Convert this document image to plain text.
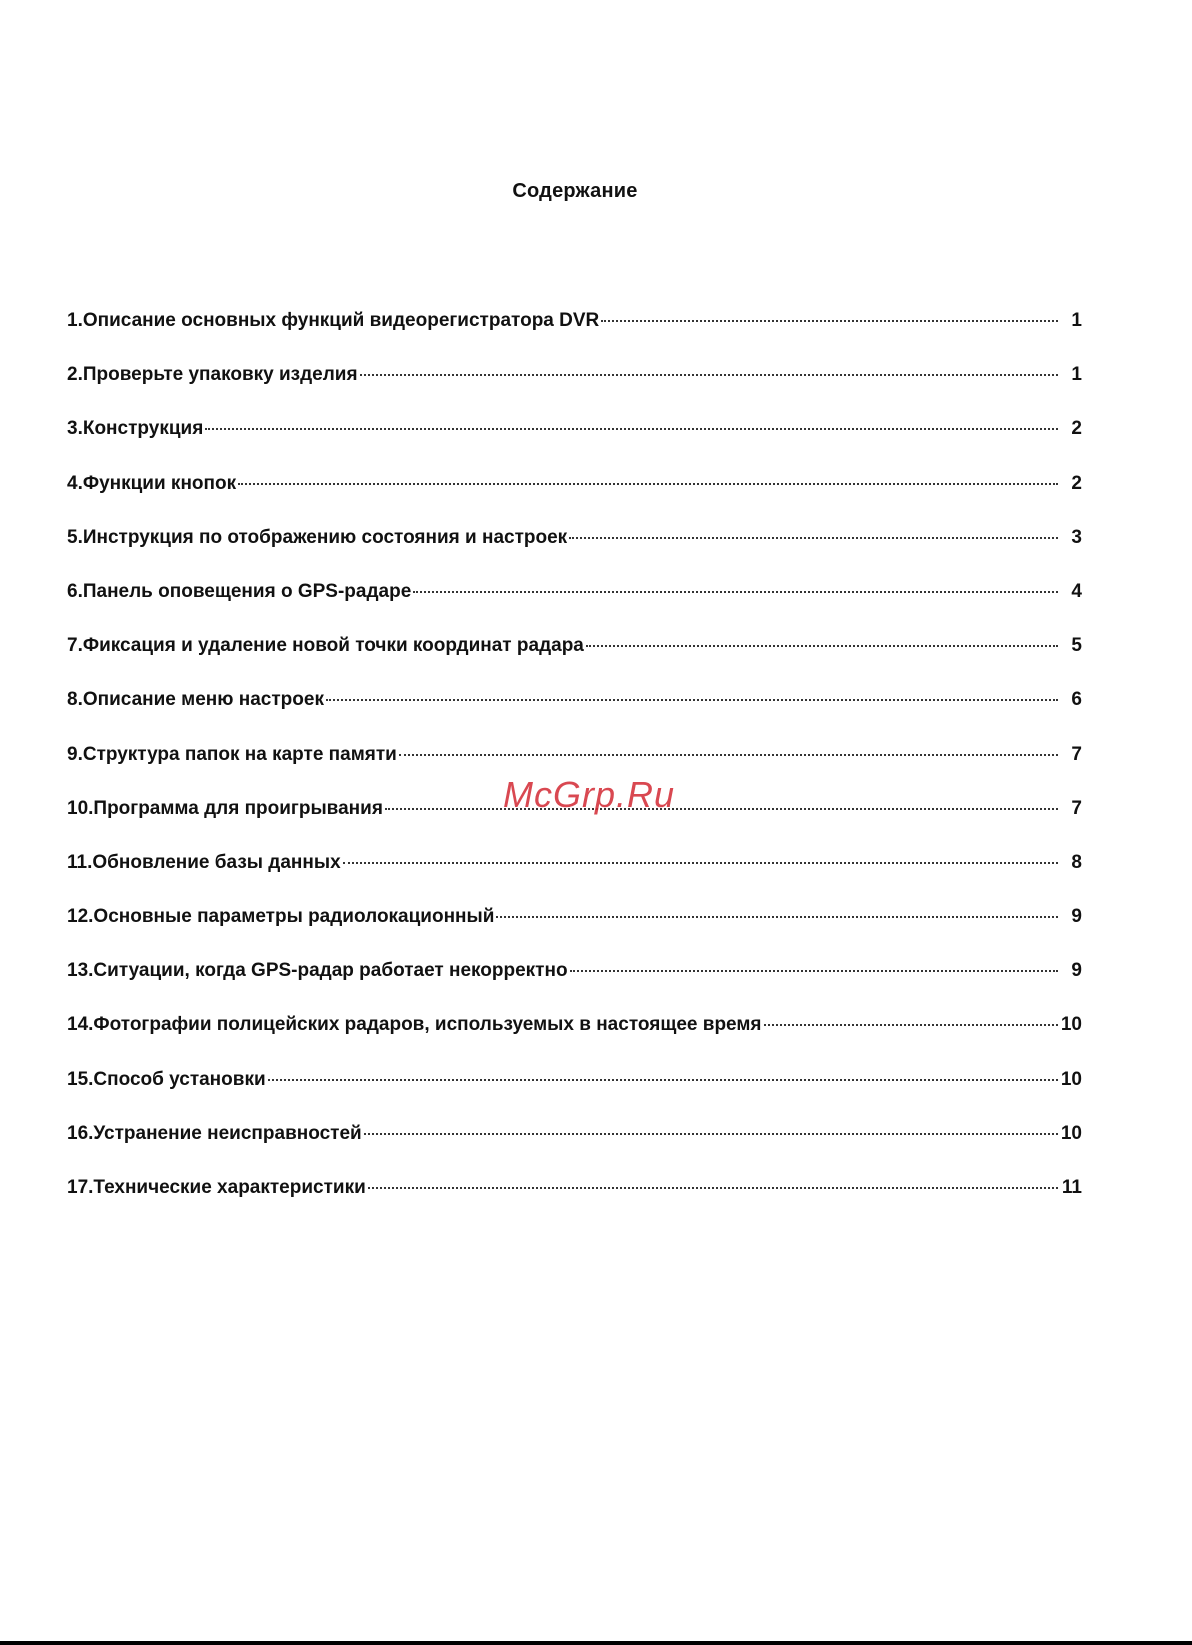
Содержание
1.Описание основных функций видеорегистратора DVR	1
2.Проверьте упаковку изделия	1
3.Конструкция	2
4.Функции кнопок	2
5.Инструкция по отображению состояния и настроек	3
6.Панель оповещения о GPS-радаре	4
7.Фиксация и удаление новой точки координат радара	5
8.Описание меню настроек	6
9.Структура папок на карте памяти	7
10.Программа для проигрывания	7
11.Обновление базы данных	8
12.Основные параметры радиолокационный	9
13.Ситуации, когда GPS-радар работает некорректно	9
14.Фотографии полицейских радаров, используемых в настоящее время	10
15.Способ установки	10
16.Устранение неисправностей	10
17.Технические характеристики	11
McGrp.Ru
